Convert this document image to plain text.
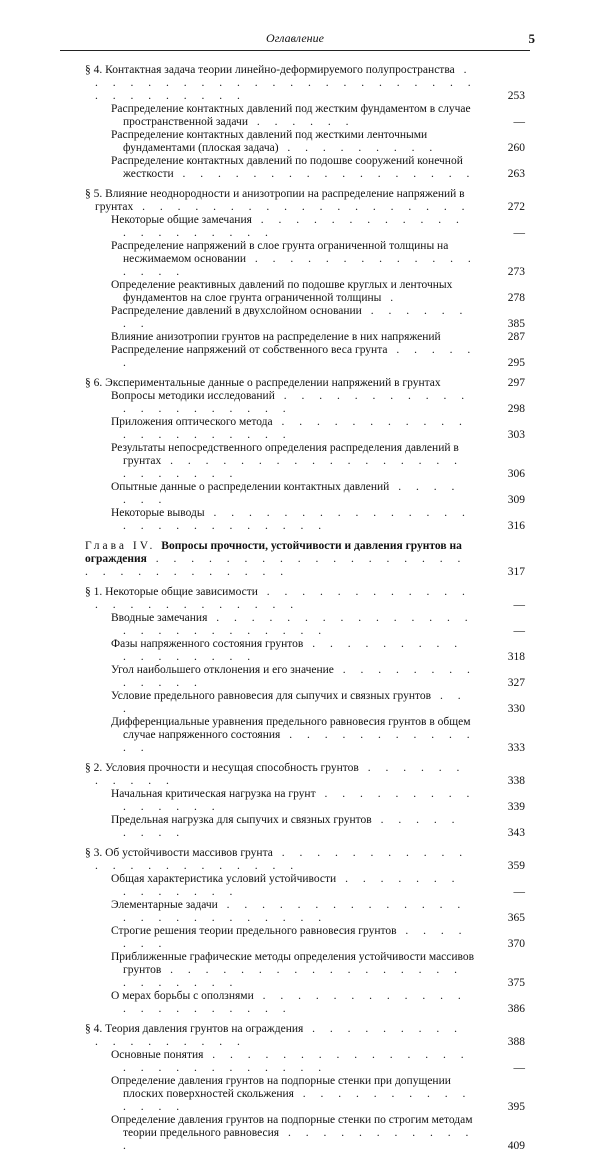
Оглавление	5
§ 4. Контактная задача теории линейно-деформируемого полупространства . . . . . . . . . . . . . . . . . . . . . . . . . . . . . . . .	253
Распределение контактных давлений под жестким фундаментом в случае пространственной задачи . . . . . .	—
Распределение контактных давлений под жесткими ленточными фундаментами (плоская задача) . . . . . . . . .	260
Распределение контактных давлений по подошве сооружений конечной жесткости . . . . . . . . . . . . . . . . .	263
§ 5. Влияние неоднородности и анизотропии на распределение напряжений в грунтах . . . . . . . . . . . . . . . . . . .	272
Некоторые общие замечания . . . . . . . . . . . . . . . . . . . . .	—
Распределение напряжений в слое грунта ограниченной толщины на несжимаемом основании . . . . . . . . . . . . . . . . .	273
Определение реактивных давлений по подошве круглых и ленточных фундаментов на слое грунта ограниченной толщины .	278
Распределение давлений в двухслойном основании . . . . . . . .	385
Влияние анизотропии грунтов на распределение в них напряжений	287
Распределение напряжений от собственного веса грунта . . . . . .	295
§ 6. Экспериментальные данные о распределении напряжений в грунтах	297
Вопросы методики исследований . . . . . . . . . . . . . . . . . . . . .	298
Приложения оптического метода . . . . . . . . . . . . . . . . . . . . .	303
Результаты непосредственного определения распределения давлений в грунтах . . . . . . . . . . . . . . . . . . . . . . . .	306
Опытные данные о распределении контактных давлений . . . . . . .	309
Некоторые выводы . . . . . . . . . . . . . . . . . . . . . . . . . . .	316
Глава IV. Вопросы прочности, устойчивости и давления грунтов на ограждения . . . . . . . . . . . . . . . . . . . . . . . . . . . . . .	317
§ 1. Некоторые общие зависимости . . . . . . . . . . . . . . . . . . . . . . . .	—
Вводные замечания . . . . . . . . . . . . . . . . . . . . . . . . . . .	—
Фазы напряженного состояния грунтов . . . . . . . . . . . . . . . . .	318
Угол наибольшего отклонения и его значение . . . . . . . . . . . . .	327
Условие предельного равновесия для сыпучих и связных грунтов . . .	330
Дифференциальные уравнения предельного равновесия грунтов в общем случае напряженного состояния . . . . . . . . . . . . .	333
§ 2. Условия прочности и несущая способность грунтов . . . . . . . . . . .	338
Начальная критическая нагрузка на грунт . . . . . . . . . . . . . . .	339
Предельная нагрузка для сыпучих и связных грунтов . . . . . . . . .	343
§ 3. Об устойчивости массивов грунта . . . . . . . . . . . . . . . . . . . . . . .	359
Общая характеристика условий устойчивости . . . . . . . . . . . . . .	—
Элементарные задачи . . . . . . . . . . . . . . . . . . . . . . . . . .	365
Строгие решения теории предельного равновесия грунтов . . . . . . .	370
Приближенные графические методы определения устойчивости массивов грунтов . . . . . . . . . . . . . . . . . . . . . . . .	375
О мерах борьбы с оползнями . . . . . . . . . . . . . . . . . . . . . .	386
§ 4. Теория давления грунтов на ограждения . . . . . . . . . . . . . . . . . .	388
Основные понятия . . . . . . . . . . . . . . . . . . . . . . . . . . .	—
Определение давления грунтов на подпорные стенки при допущении плоских поверхностей скольжения . . . . . . . . . . . . . .	395
Определение давления грунтов на подпорные стенки по строгим методам теории предельного равновесия . . . . . . . . . . . .	409
